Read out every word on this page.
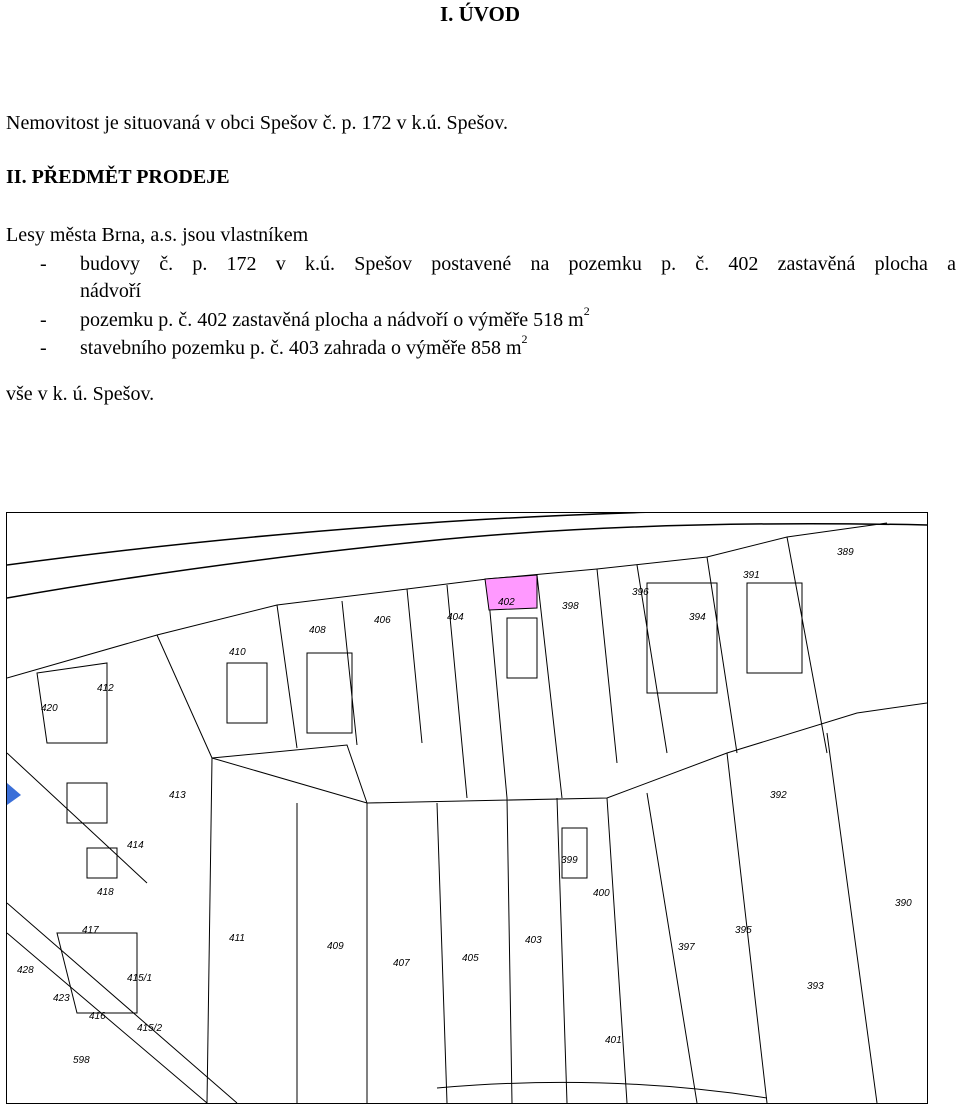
I. ÚVOD
Nemovitost je situovaná v obci Spešov č. p. 172 v k.ú. Spešov.
II. PŘEDMĚT PRODEJE
Lesy města Brna, a.s. jsou vlastníkem
- budovy č. p. 172 v k.ú. Spešov postavené na pozemku p. č. 402 zastavěná plocha a
nádvoří
- pozemku p. č. 402 zastavěná plocha a nádvoří o výměře 518 $m^2$
- stavebního pozemku p. č. 403 zahrada o výměře 858 $m^2$
vše v k. ú. Spešov.
389
391
396
398
402
404
406
408
410
412
420
394
413
414
418
417
411
409
407	405
403
399
400
397
395
392
390
393
401
415/1
415/2
416
423
428
598
